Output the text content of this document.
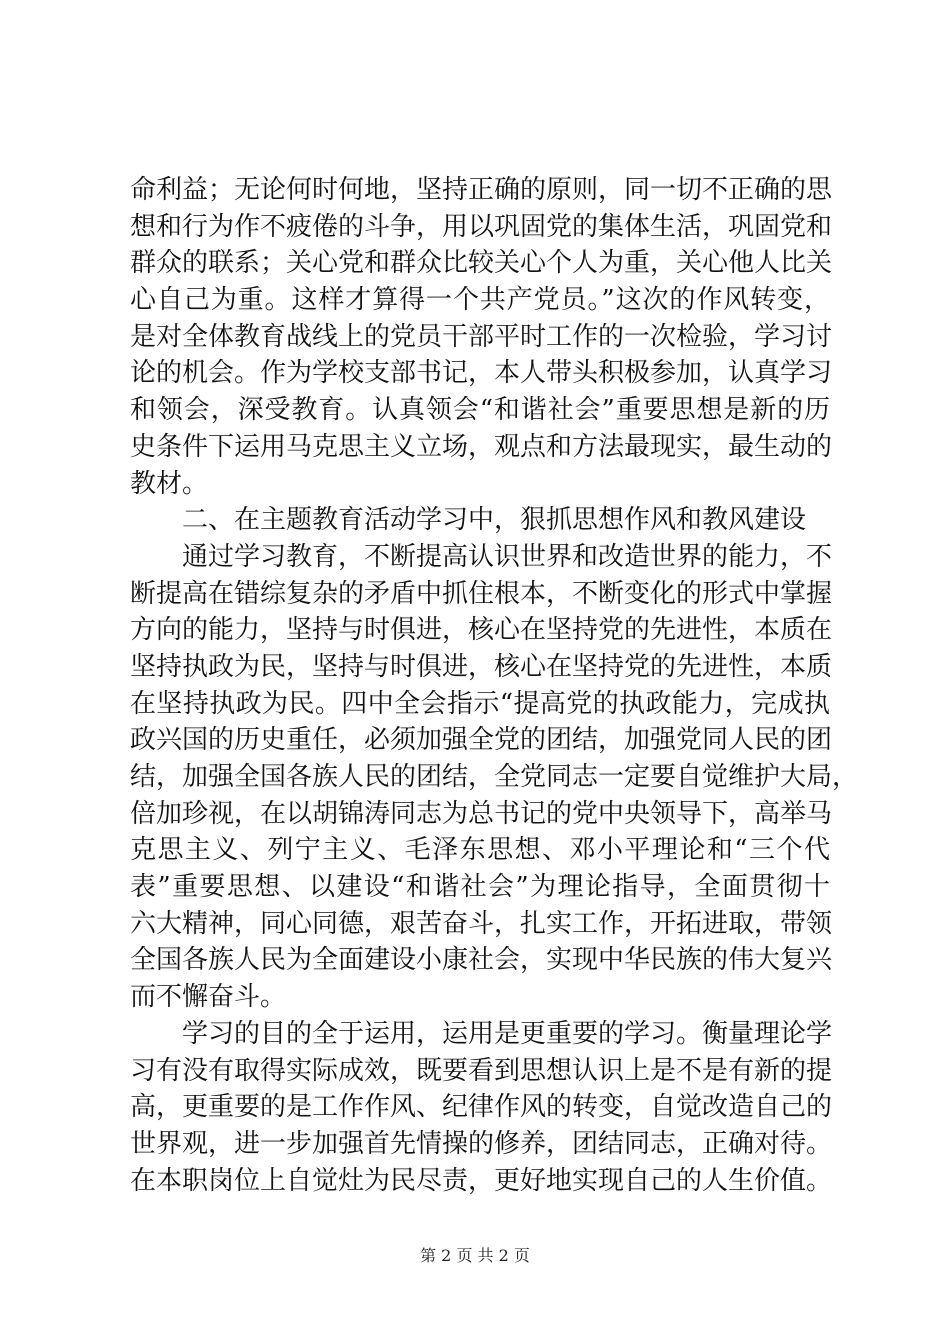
命利益；无论何时何地，坚持正确的原则，同一切不正确的思
想和行为作不疲倦的斗争，用以巩固党的集体生活，巩固党和
群众的联系；关心党和群众比较关心个人为重，关心他人比关
心自己为重。这样才算得一个共产党员。”这次的作风转变，
是对全体教育战线上的党员干部平时工作的一次检验，学习讨
论的机会。作为学校支部书记，本人带头积极参加，认真学习
和领会，深受教育。认真领会“和谐社会”重要思想是新的历
史条件下运用马克思主义立场，观点和方法最现实，最生动的
教材。
二、在主题教育活动学习中，狠抓思想作风和教风建设
通过学习教育，不断提高认识世界和改造世界的能力，不
断提高在错综复杂的矛盾中抓住根本，不断变化的形式中掌握
方向的能力，坚持与时俱进，核心在坚持党的先进性，本质在
坚持执政为民，坚持与时俱进，核心在坚持党的先进性，本质
在坚持执政为民。四中全会指示“提高党的执政能力，完成执
政兴国的历史重任，必须加强全党的团结，加强党同人民的团
结，加强全国各族人民的团结，全党同志一定要自觉维护大局，
倍加珍视，在以胡锦涛同志为总书记的党中央领导下，高举马
克思主义、列宁主义、毛泽东思想、邓小平理论和“三个代
表”重要思想、以建设“和谐社会”为理论指导，全面贯彻十
六大精神，同心同德，艰苦奋斗，扎实工作，开拓进取，带领
全国各族人民为全面建设小康社会，实现中华民族的伟大复兴
而不懈奋斗。
学习的目的全于运用，运用是更重要的学习。衡量理论学
习有没有取得实际成效，既要看到思想认识上是不是有新的提
高，更重要的是工作作风、纪律作风的转变，自觉改造自己的
世界观，进一步加强首先情操的修养，团结同志，正确对待。
在本职岗位上自觉灶为民尽责，更好地实现自己的人生价值。
第 2 页 共 2 页
